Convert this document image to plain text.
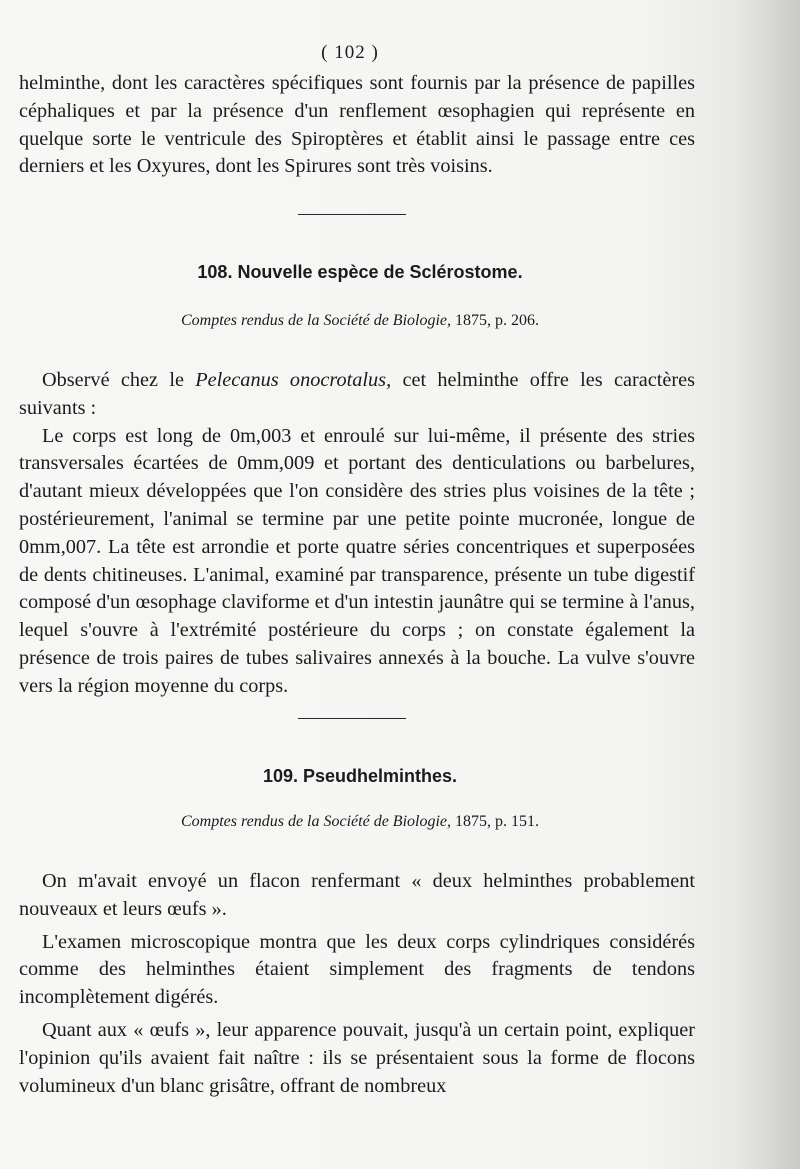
( 102 )

helminthe, dont les caractères spécifiques sont fournis par la présence de papilles céphaliques et par la présence d'un renflement œsophagien qui représente en quelque sorte le ventricule des Spiroptères et établit ainsi le passage entre ces derniers et les Oxyures, dont les Spirures sont très voisins.

108. Nouvelle espèce de Sclérostome.
Comptes rendus de la Société de Biologie, 1875, p. 206.

Observé chez le Pelecanus onocrotalus, cet helminthe offre les caractères suivants :

Le corps est long de 0m,003 et enroulé sur lui-même, il présente des stries transversales écartées de 0mm,009 et portant des denticulations ou barbelures, d'autant mieux développées que l'on considère des stries plus voisines de la tête ; postérieurement, l'animal se termine par une petite pointe mucronée, longue de 0mm,007. La tête est arrondie et porte quatre séries concentriques et superposées de dents chitineuses. L'animal, examiné par transparence, présente un tube digestif composé d'un œsophage claviforme et d'un intestin jaunâtre qui se termine à l'anus, lequel s'ouvre à l'extrémité postérieure du corps ; on constate également la présence de trois paires de tubes salivaires annexés à la bouche. La vulve s'ouvre vers la région moyenne du corps.

109. Pseudhelminthes.
Comptes rendus de la Société de Biologie, 1875, p. 151.

On m'avait envoyé un flacon renfermant « deux helminthes probablement nouveaux et leurs œufs ».

L'examen microscopique montra que les deux corps cylindriques considérés comme des helminthes étaient simplement des fragments de tendons incomplètement digérés.

Quant aux « œufs », leur apparence pouvait, jusqu'à un certain point, expliquer l'opinion qu'ils avaient fait naître : ils se présentaient sous la forme de flocons volumineux d'un blanc grisâtre, offrant de nombreux
